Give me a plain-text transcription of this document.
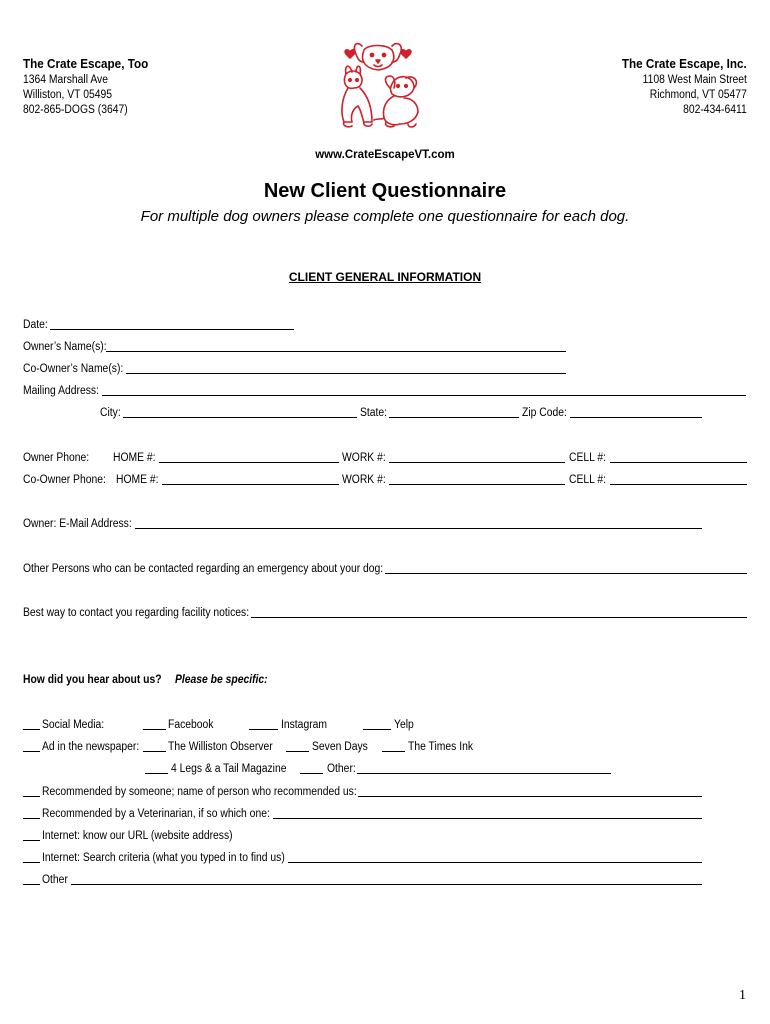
The Crate Escape, Too
1364 Marshall Ave
Williston, VT 05495
802-865-DOGS (3647)
The Crate Escape, Inc.
1108 West Main Street
Richmond, VT 05477
802-434-6411
www.CrateEscapeVT.com
New Client Questionnaire
For multiple dog owners please complete one questionnaire for each dog.
CLIENT GENERAL INFORMATION
Date:
Owner’s Name(s):
Co-Owner’s Name(s):
Mailing Address:
City:	State:	Zip Code:
Owner Phone: HOME #:	WORK #:	CELL #:
Co-Owner Phone: HOME #:	WORK #:	CELL #:
Owner: E-Mail Address:
Other Persons who can be contacted regarding an emergency about your dog:
Best way to contact you regarding facility notices:
How did you hear about us? Please be specific:
Social Media:	Facebook	Instagram	Yelp
Ad in the newspaper:	The Williston Observer	Seven Days	The Times Ink
4 Legs & a Tail Magazine	Other:
Recommended by someone; name of person who recommended us:
Recommended by a Veterinarian, if so which one:
Internet: know our URL (website address)
Internet: Search criteria (what you typed in to find us)
Other
1
